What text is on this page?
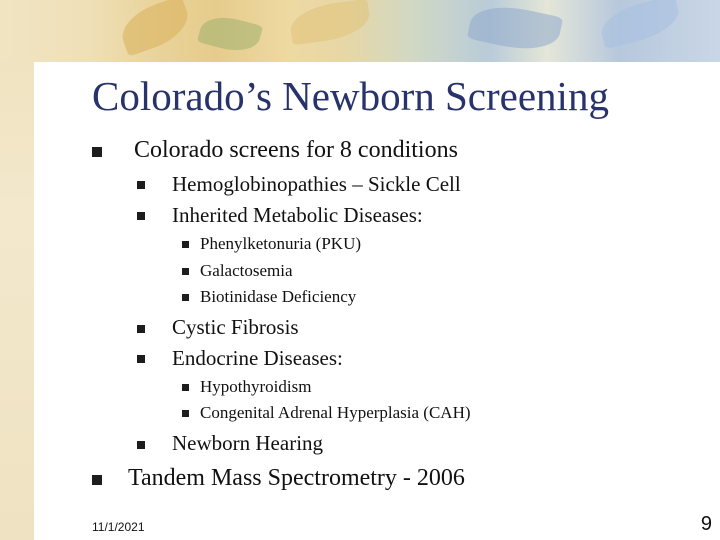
Colorado’s Newborn Screening
Colorado screens for 8 conditions
Hemoglobinopathies – Sickle Cell
Inherited Metabolic Diseases:
Phenylketonuria (PKU)
Galactosemia
Biotinidase Deficiency
Cystic Fibrosis
Endocrine Diseases:
Hypothyroidism
Congenital Adrenal Hyperplasia (CAH)
Newborn Hearing
Tandem Mass Spectrometry - 2006
11/1/2021	9
